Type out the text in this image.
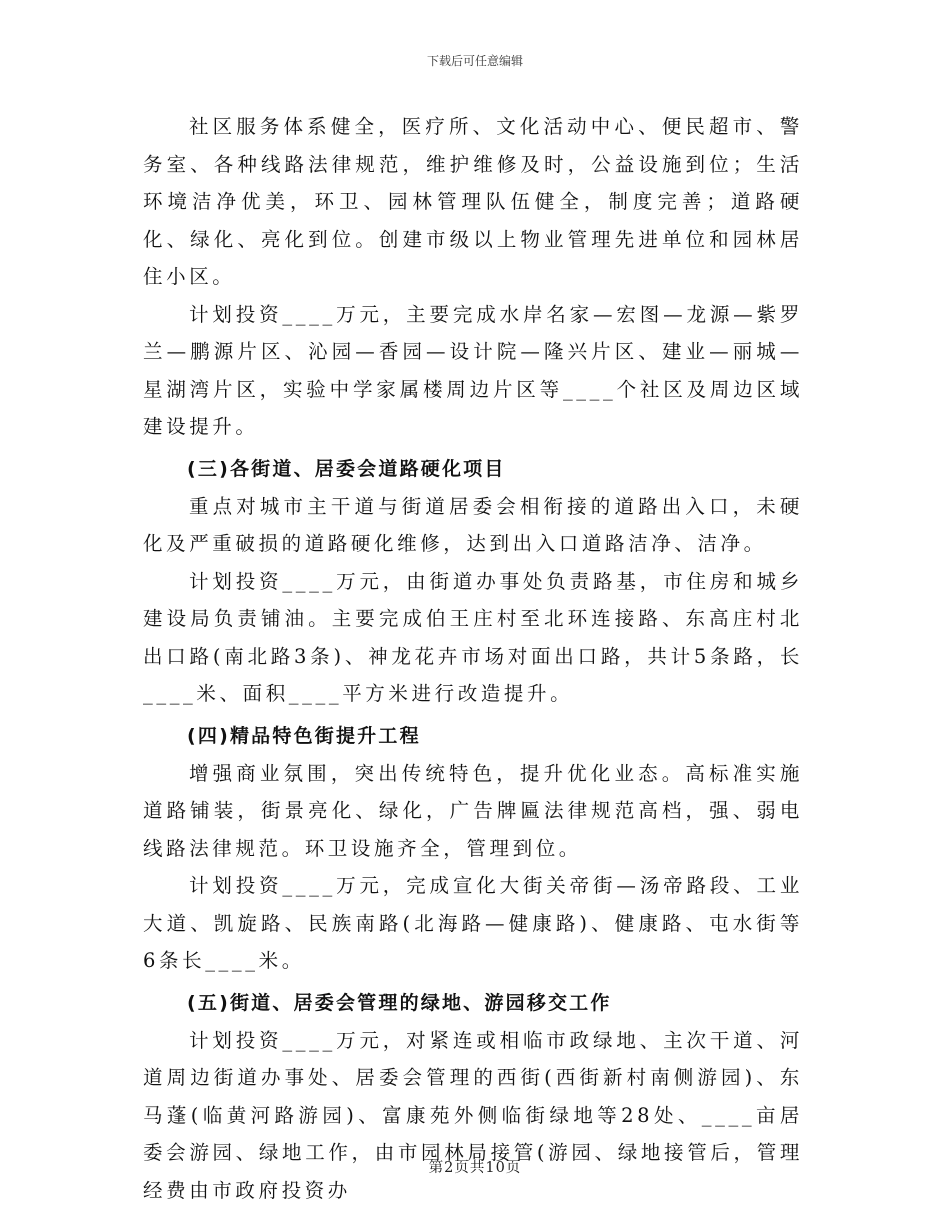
下载后可任意编辑

社区服务体系健全，医疗所、文化活动中心、便民超市、警务室、各种线路法律规范，维护维修及时，公益设施到位；生活环境洁净优美，环卫、园林管理队伍健全，制度完善；道路硬化、绿化、亮化到位。创建市级以上物业管理先进单位和园林居住小区。

计划投资____万元，主要完成水岸名家—宏图—龙源—紫罗兰—鹏源片区、沁园—香园—设计院—隆兴片区、建业—丽城—星湖湾片区，实验中学家属楼周边片区等____个社区及周边区域建设提升。

(三)各街道、居委会道路硬化项目

重点对城市主干道与街道居委会相衔接的道路出入口，未硬化及严重破损的道路硬化维修，达到出入口道路洁净、洁净。

计划投资____万元，由街道办事处负责路基，市住房和城乡建设局负责铺油。主要完成伯王庄村至北环连接路、东高庄村北出口路(南北路3条)、神龙花卉市场对面出口路，共计5条路，长____米、面积____平方米进行改造提升。

(四)精品特色街提升工程

增强商业氛围，突出传统特色，提升优化业态。高标准实施道路铺装，街景亮化、绿化，广告牌匾法律规范高档，强、弱电线路法律规范。环卫设施齐全，管理到位。

计划投资____万元，完成宣化大街关帝街—汤帝路段、工业大道、凯旋路、民族南路(北海路—健康路)、健康路、屯水街等6条长____米。

(五)街道、居委会管理的绿地、游园移交工作

计划投资____万元，对紧连或相临市政绿地、主次干道、河道周边街道办事处、居委会管理的西街(西街新村南侧游园)、东马蓬(临黄河路游园)、富康苑外侧临街绿地等28处、____亩居委会游园、绿地工作，由市园林局接管(游园、绿地接管后，管理经费由市政府投资办

第2页共10页
